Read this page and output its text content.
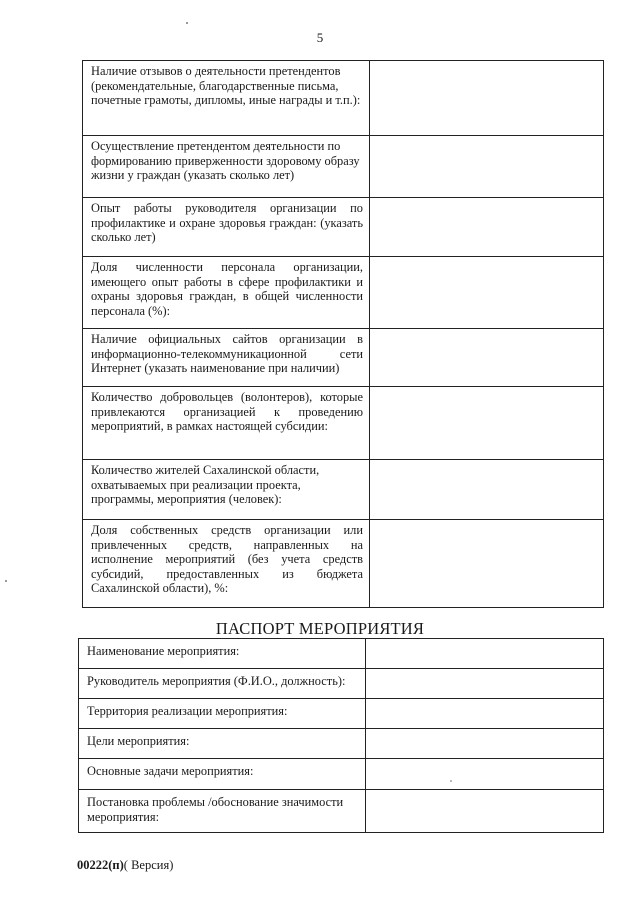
5
Наличие отзывов о деятельности претендентов (рекомендательные, благодарственные письма, почетные грамоты, дипломы, иные награды и т.п.):	
Осуществление претендентом деятельности по формированию приверженности здоровому образу жизни у граждан (указать сколько лет)	
Опыт работы руководителя организации по профилактике и охране здоровья граждан: (указать сколько лет)	
Доля численности персонала организации, имеющего опыт работы в сфере профилактики и охраны здоровья граждан, в общей численности персонала (%):	
Наличие официальных сайтов организации в информационно-телекоммуникационной сети Интернет (указать наименование при наличии)	
Количество добровольцев (волонтеров), которые привлекаются организацией к проведению мероприятий, в рамках настоящей субсидии:	
Количество жителей Сахалинской области, охватываемых при реализации проекта, программы, мероприятия (человек):	
Доля собственных средств организации или привлеченных средств, направленных на исполнение мероприятий (без учета средств субсидий, предоставленных из бюджета Сахалинской области), %:	
ПАСПОРТ МЕРОПРИЯТИЯ
Наименование мероприятия:	
Руководитель мероприятия (Ф.И.О., должность):	
Территория реализации мероприятия:	
Цели мероприятия:	
Основные задачи мероприятия:	
Постановка проблемы /обоснование значимости мероприятия:	
00222(п)( Версия)
